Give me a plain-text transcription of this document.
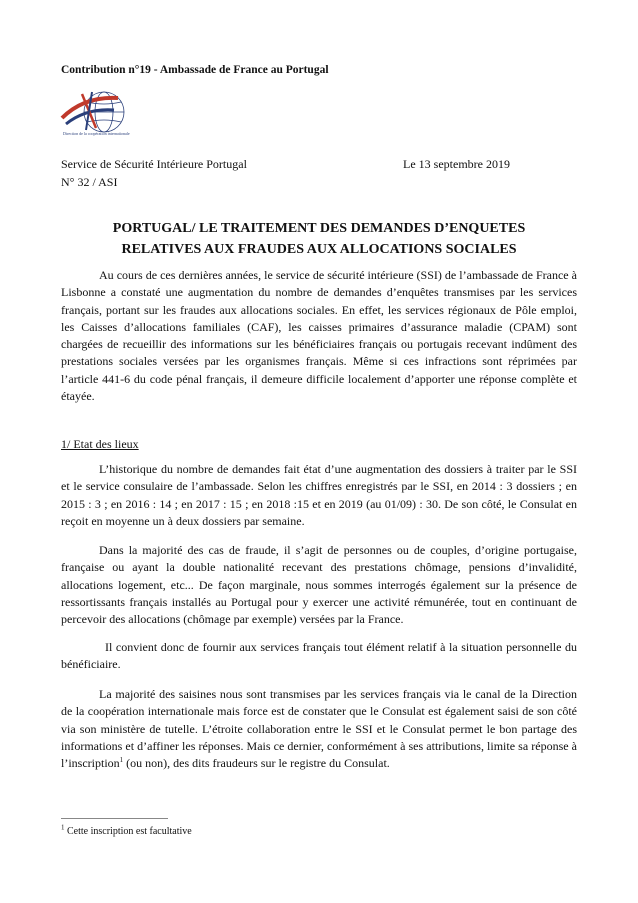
Contribution n°19 - Ambassade de France au Portugal
Direction de la coopération internationale
Service de Sécurité Intérieure Portugal	Le 13 septembre 2019
N° 32 / ASI
PORTUGAL/ LE TRAITEMENT DES DEMANDES D’ENQUETES
RELATIVES AUX FRAUDES AUX ALLOCATIONS SOCIALES
Au cours de ces dernières années, le service de sécurité intérieure (SSI) de l’ambassade de France à Lisbonne a constaté une augmentation du nombre de demandes d’enquêtes transmises par les services français, portant sur les fraudes aux allocations sociales. En effet, les services régionaux de Pôle emploi, les Caisses d’allocations familiales (CAF), les caisses primaires d’assurance maladie (CPAM) sont chargées de recueillir des informations sur les bénéficiaires français ou portugais recevant indûment des prestations sociales versées par les organismes français. Même si ces infractions sont réprimées par l’article 441-6 du code pénal français, il demeure difficile localement d’apporter une réponse complète et étayée.
1/ Etat des lieux
L’historique du nombre de demandes fait état d’une augmentation des dossiers à traiter par le SSI et le service consulaire de l’ambassade. Selon les chiffres enregistrés par le SSI, en 2014 : 3 dossiers ; en 2015 : 3 ; en 2016 : 14 ; en 2017 : 15 ; en 2018 :15 et en 2019 (au 01/09) : 30. De son côté, le Consulat en reçoit en moyenne un à deux dossiers par semaine.
Dans la majorité des cas de fraude, il s’agit de personnes ou de couples, d’origine portugaise, française ou ayant la double nationalité recevant des prestations chômage, pensions d’invalidité, allocations logement, etc... De façon marginale, nous sommes interrogés également sur la présence de ressortissants français installés au Portugal pour y exercer une activité rémunérée, tout en continuant de percevoir des allocations (chômage par exemple) versées par la France.
Il convient donc de fournir aux services français tout élément relatif à la situation personnelle du bénéficiaire.
La majorité des saisines nous sont transmises par les services français via le canal de la Direction de la coopération internationale mais force est de constater que le Consulat est également saisi de son côté via son ministère de tutelle. L’étroite collaboration entre le SSI et le Consulat permet le bon partage des informations et d’affiner les réponses. Mais ce dernier, conformément à ses attributions, limite sa réponse à l’inscription$^1$ (ou non), des dits fraudeurs sur le registre du Consulat.
$^1$ Cette inscription est facultative
